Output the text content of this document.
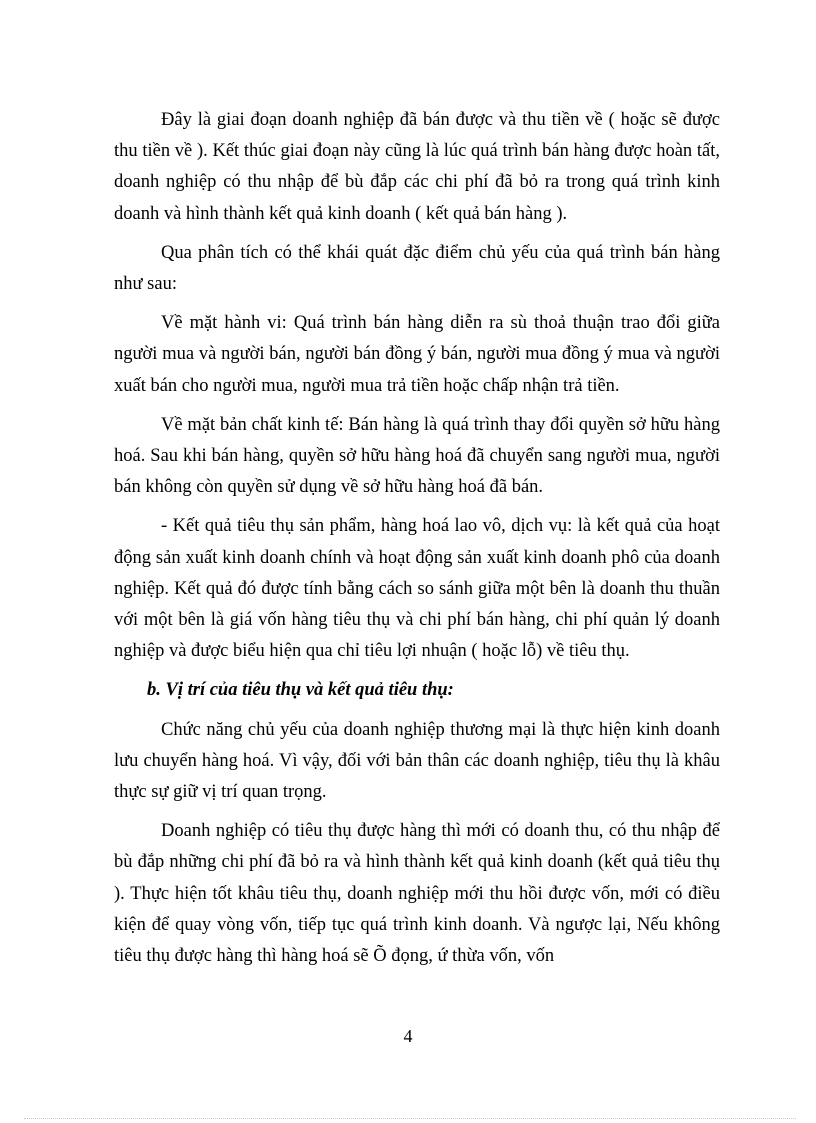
Đây là giai đoạn doanh nghiệp đã bán được và thu tiền về ( hoặc sẽ được thu tiền về ). Kết thúc giai đoạn này cũng là lúc quá trình bán hàng được hoàn tất, doanh nghiệp có thu nhập để bù đắp các chi phí đã bỏ ra trong quá trình kinh doanh và hình thành kết quả kinh doanh ( kết quả bán hàng ).

Qua phân tích có thể khái quát đặc điểm chủ yếu của quá trình bán hàng như sau:

Về mặt hành vi: Quá trình bán hàng diễn ra sù thoả thuận trao đổi giữa người mua và người bán, người bán đồng ý bán, người mua đồng ý mua và người xuất bán cho người mua, người mua trả tiền hoặc chấp nhận trả tiền.

Về mặt bản chất kinh tế: Bán hàng là quá trình thay đổi quyền sở hữu hàng hoá. Sau khi bán hàng, quyền sở hữu hàng hoá đã chuyển sang người mua, người bán không còn quyền sử dụng về sở hữu hàng hoá đã bán.

- Kết quả tiêu thụ sản phẩm, hàng hoá lao vô, dịch vụ: là kết quả của hoạt động sản xuất kinh doanh chính và hoạt động sản xuất kinh doanh phô của doanh nghiệp. Kết quả đó được tính bằng cách so sánh giữa một bên là doanh thu thuần với một bên là giá vốn hàng tiêu thụ và chi phí bán hàng, chi phí quản lý doanh nghiệp và được biểu hiện qua chỉ tiêu lợi nhuận ( hoặc lỗ) về tiêu thụ.

b. Vị trí của tiêu thụ và kết quả tiêu thụ:

Chức năng chủ yếu của doanh nghiệp thương mại là thực hiện kinh doanh lưu chuyển hàng hoá. Vì vậy, đối với bản thân các doanh nghiệp, tiêu thụ là khâu thực sự giữ vị trí quan trọng.

Doanh nghiệp có tiêu thụ được hàng thì mới có doanh thu, có thu nhập để bù đắp những chi phí đã bỏ ra và hình thành kết quả kinh doanh (kết quả tiêu thụ ). Thực hiện tốt khâu tiêu thụ, doanh nghiệp mới thu hồi được vốn, mới có điều kiện để quay vòng vốn, tiếp tục quá trình kinh doanh. Và ngược lại, Nếu không tiêu thụ được hàng thì hàng hoá sẽ Õ đọng, ứ thừa vốn, vốn

4
